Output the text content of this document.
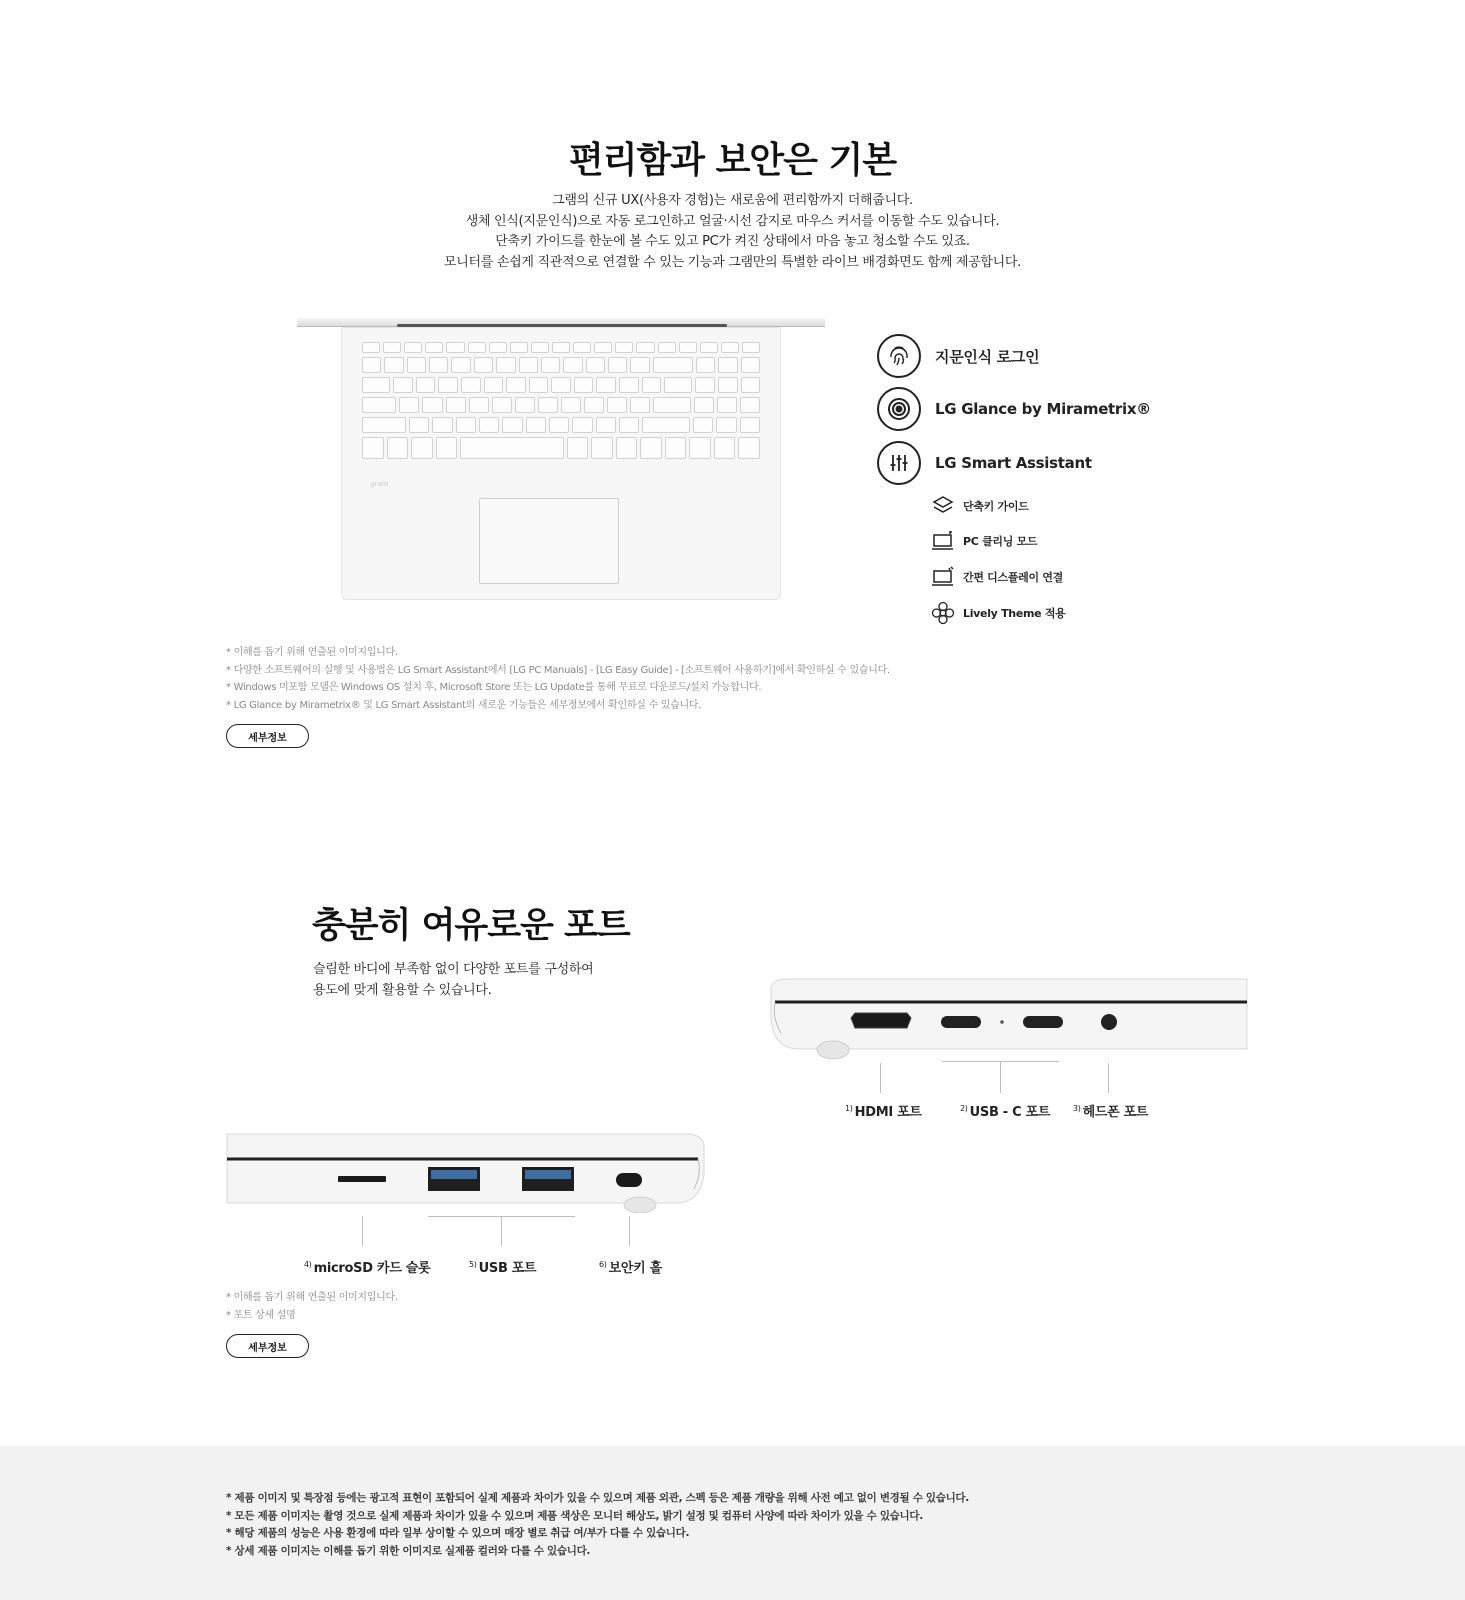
편리함과 보안은 기본

그램의 신규 UX(사용자 경험)는 새로움에 편리함까지 더해줍니다.

생체 인식(지문인식)으로 자동 로그인하고 얼굴·시선 감지로 마우스 커서를 이동할 수도 있습니다.

단축키 가이드를 한눈에 볼 수도 있고 PC가 켜진 상태에서 마음 놓고 청소할 수도 있죠.

모니터를 손쉽게 직관적으로 연결할 수 있는 기능과 그램만의 특별한 라이브 배경화면도 함께 제공합니다.

gram
지문인식 로그인
LG Glance by Mirametrix®
LG Smart Assistant
단축키 가이드
PC 클리닝 모드
간편 디스플레이 연결
Lively Theme 적용

* 이해를 돕기 위해 연출된 이미지입니다.

* 다양한 소프트웨어의 실행 및 사용법은 LG Smart Assistant에서 [LG PC Manuals] - [LG Easy Guide] - [소프트웨어 사용하기]에서 확인하실 수 있습니다.

* Windows 미포함 모델은 Windows OS 설치 후, Microsoft Store 또는 LG Update를 통해 무료로 다운로드/설치 가능합니다.

* LG Glance by Mirametrix® 및 LG Smart Assistant의 새로운 기능들은 세부정보에서 확인하실 수 있습니다.

세부정보
충분히 여유로운 포트

슬림한 바디에 부족함 없이 다양한 포트를 구성하여

용도에 맞게 활용할 수 있습니다.

$^{1)}$ HDMI 포트	$^{2)}$ USB - C 포트	$^{3)}$ 헤드폰 포트
$^{4)}$ microSD 카드 슬롯	$^{5)}$ USB 포트	$^{6)}$ 보안키 홀

* 이해를 돕기 위해 연출된 이미지입니다.

* 포트 상세 설명

세부정보

* 제품 이미지 및 특장점 등에는 광고적 표현이 포함되어 실제 제품과 차이가 있을 수 있으며 제품 외관, 스펙 등은 제품 개량을 위해 사전 예고 없이 변경될 수 있습니다.

* 모든 제품 이미지는 촬영 것으로 실제 제품과 차이가 있을 수 있으며 제품 색상은 모니터 해상도, 밝기 설정 및 컴퓨터 사양에 따라 차이가 있을 수 있습니다.

* 해당 제품의 성능은 사용 환경에 따라 일부 상이할 수 있으며 매장 별로 취급 여/부가 다를 수 있습니다.

* 상세 제품 이미지는 이해를 돕기 위한 이미지로 실제품 컬러와 다를 수 있습니다.
